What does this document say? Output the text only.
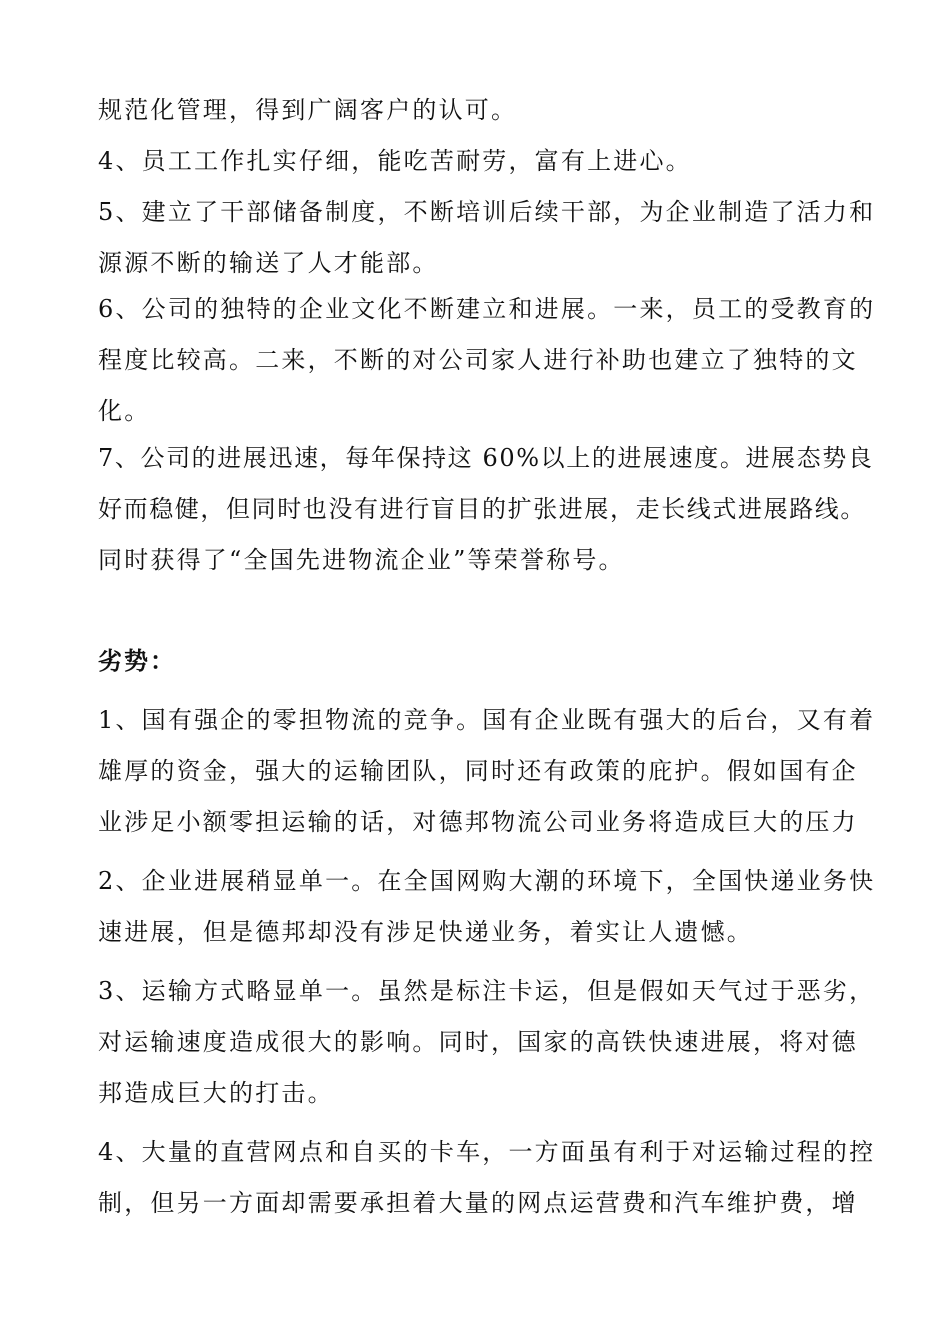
规范化管理，得到广阔客户的认可。
4、员工工作扎实仔细，能吃苦耐劳，富有上进心。
5、建立了干部储备制度，不断培训后续干部，为企业制造了活力和
源源不断的输送了人才能部。
6、公司的独特的企业文化不断建立和进展。一来，员工的受教育的
程度比较高。二来，不断的对公司家人进行补助也建立了独特的文
化。
7、公司的进展迅速，每年保持这 60%以上的进展速度。进展态势良
好而稳健，但同时也没有进行盲目的扩张进展，走长线式进展路线。
同时获得了“全国先进物流企业”等荣誉称号。
劣势：
1、国有强企的零担物流的竞争。国有企业既有强大的后台，又有着
雄厚的资金，强大的运输团队，同时还有政策的庇护。假如国有企
业涉足小额零担运输的话，对德邦物流公司业务将造成巨大的压力
2、企业进展稍显单一。在全国网购大潮的环境下，全国快递业务快
速进展，但是德邦却没有涉足快递业务，着实让人遗憾。
3、运输方式略显单一。虽然是标注卡运，但是假如天气过于恶劣，
对运输速度造成很大的影响。同时，国家的高铁快速进展，将对德
邦造成巨大的打击。
4、大量的直营网点和自买的卡车，一方面虽有利于对运输过程的控
制，但另一方面却需要承担着大量的网点运营费和汽车维护费，增
